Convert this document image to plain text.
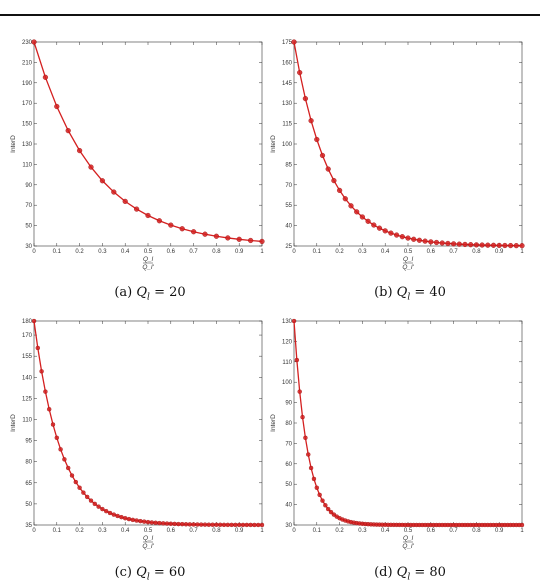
30
50
70
90
110
130
150
170
190
210
230
0	0.1 0.2 0.3 0.4 0.5 0.6 0.7 0.8 0.9	1
InterD
Q_l
Q_l'
25
40
55
70
85
100
115
130
145
160
175
0	0.1 0.2 0.3 0.4 0.5 0.6 0.7 0.8 0.9	1
InterD
Q_l
Q_l'
35
50
65
80
95
110
125
140
155
170
180
0	0.1 0.2 0.3 0.4 0.5 0.6 0.7 0.8 0.9	1
InterD
Q_l
Q_l'
30
40
50
60
70
80
90
100
110
120
130
0	0.1 0.2 0.3 0.4 0.5 0.6 0.7 0.8 0.9	1
InterD
Q_l
Q_l'
(a) $Q_l = 20$	(b) $Q_l = 40$
(c) $Q_l = 60$	(d) $Q_l = 80$
